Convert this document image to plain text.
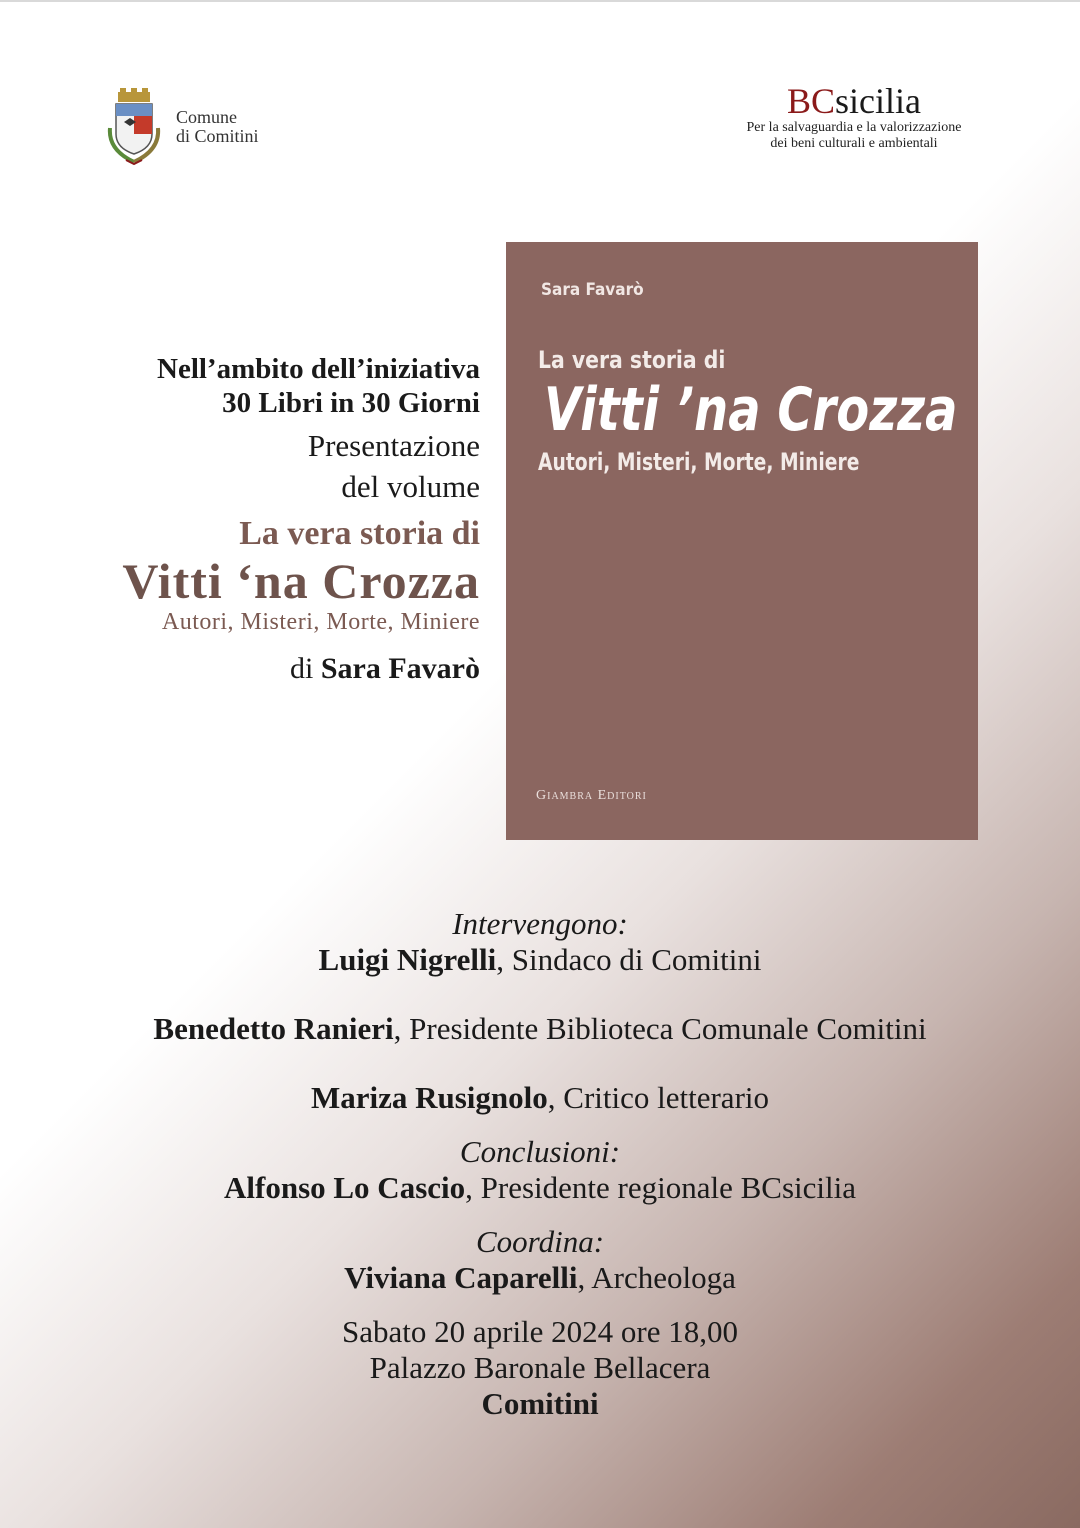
Comune
di Comitini
BCsicilia
Per la salvaguardia e la valorizzazione
dei beni culturali e ambientali
Nell’ambito dell’iniziativa
30 Libri in 30 Giorni
Presentazione
del volume
La vera storia di
Vitti ‘na Crozza
Autori, Misteri, Morte, Miniere
di Sara Favarò
Sara Favarò
La vera storia di
Vitti ’na Crozza
Autori, Misteri, Morte, Miniere
Giambra Editori
Intervengono:
Luigi Nigrelli, Sindaco di Comitini
Benedetto Ranieri, Presidente Biblioteca Comunale Comitini
Mariza Rusignolo, Critico letterario
Conclusioni:
Alfonso Lo Cascio, Presidente regionale BCsicilia
Coordina:
Viviana Caparelli, Archeologa
Sabato 20 aprile 2024 ore 18,00
Palazzo Baronale Bellacera
Comitini
